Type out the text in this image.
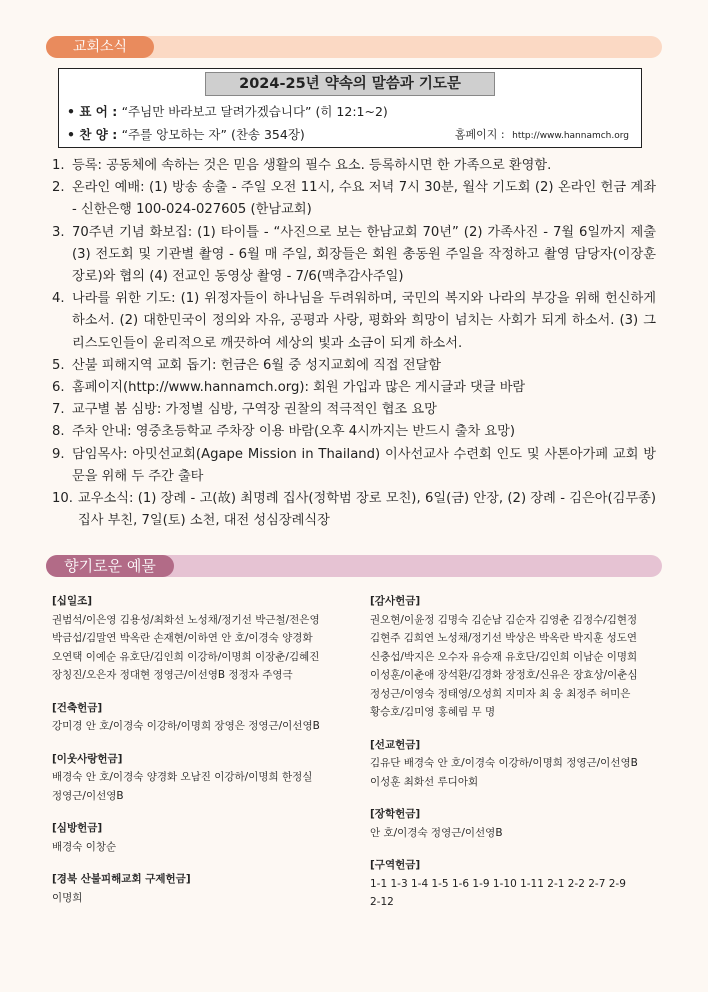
교회소식
2024-25년 약속의 말씀과 기도문
• 표 어 : “주님만 바라보고 달려가겠습니다” (히 12:1~2)
• 찬 양 : “주를 앙모하는 자” (찬송 354장)	홈페이지 : http://www.hannamch.org
1. 등록: 공동체에 속하는 것은 믿음 생활의 필수 요소. 등록하시면 한 가족으로 환영함.
2. 온라인 예배: (1) 방송 송출 - 주일 오전 11시, 수요 저녁 7시 30분, 월삭 기도회 (2) 온라인 헌금 계좌 - 신한은행 100-024-027605 (한남교회)
3. 70주년 기념 화보집: (1) 타이틀 - “사진으로 보는 한남교회 70년” (2) 가족사진 - 7월 6일까지 제출 (3) 전도회 및 기관별 촬영 - 6월 매 주일, 회장들은 회원 총동원 주일을 작정하고 촬영 담당자(이장훈 장로)와 협의 (4) 전교인 동영상 촬영 - 7/6(맥추감사주일)
4. 나라를 위한 기도: (1) 위정자들이 하나님을 두려워하며, 국민의 복지와 나라의 부강을 위해 헌신하게 하소서. (2) 대한민국이 정의와 자유, 공평과 사랑, 평화와 희망이 넘치는 사회가 되게 하소서. (3) 그리스도인들이 윤리적으로 깨끗하여 세상의 빛과 소금이 되게 하소서.
5. 산불 피해지역 교회 돕기: 헌금은 6월 중 성지교회에 직접 전달함
6. 홈페이지(http://www.hannamch.org): 회원 가입과 많은 게시글과 댓글 바람
7. 교구별 봄 심방: 가정별 심방, 구역장 권찰의 적극적인 협조 요망
8. 주차 안내: 영중초등학교 주차장 이용 바람(오후 4시까지는 반드시 출차 요망)
9. 담임목사: 아밋선교회(Agape Mission in Thailand) 이사선교사 수련회 인도 및 사톤아가페 교회 방문을 위해 두 주간 출타
10. 교우소식: (1) 장례 - 고(故) 최명례 집사(정학범 장로 모친), 6일(금) 안장, (2) 장례 - 김은아(김무종) 집사 부친, 7일(토) 소천, 대전 성심장례식장
향기로운 예물
[십일조]
권범석/이은영 김용성/최화선 노성채/정기선 박근철/전은영
박금섭/김말연 박옥란 손재현/이하연 안 호/이경숙 양경화
오연택 이예순 유호단/김인희 이강하/이명희 이장춘/김혜진
장칭진/오은자 정대현 정영근/이선영B 정정자 주영극
[건축헌금]
강미경 안 호/이경숙 이강하/이명희 장영은 정영근/이선영B
[이웃사랑헌금]
배경숙 안 호/이경숙 양경화 오남진 이강하/이명희 한정실
정영근/이선영B
[심방헌금]
배경숙 이창순
[경북 산불피해교회 구제헌금]
이명희
[감사헌금]
권오현/이윤정 김명숙 김순남 김순자 김영춘 김정수/김현정
김현주 김희연 노성채/정기선 박상은 박옥란 박지훈 성도연
신충섭/박지은 오수자 유승재 유호단/김인희 이남순 이명희
이성훈/이춘애 장석환/김경화 장정호/신유은 장효상/이춘심
정성근/이영숙 정태영/오성희 지미자 최 웅 최정주 허미은
황승호/김미영 홍혜림 무 명
[선교헌금]
김유단 배경숙 안 호/이경숙 이강하/이명희 정영근/이선영B
이성훈 최화선 루디아회
[장학헌금]
안 호/이경숙 정영근/이선영B
[구역헌금]
1-1 1-3 1-4 1-5 1-6 1-9 1-10 1-11 2-1 2-2 2-7 2-9
2-12
